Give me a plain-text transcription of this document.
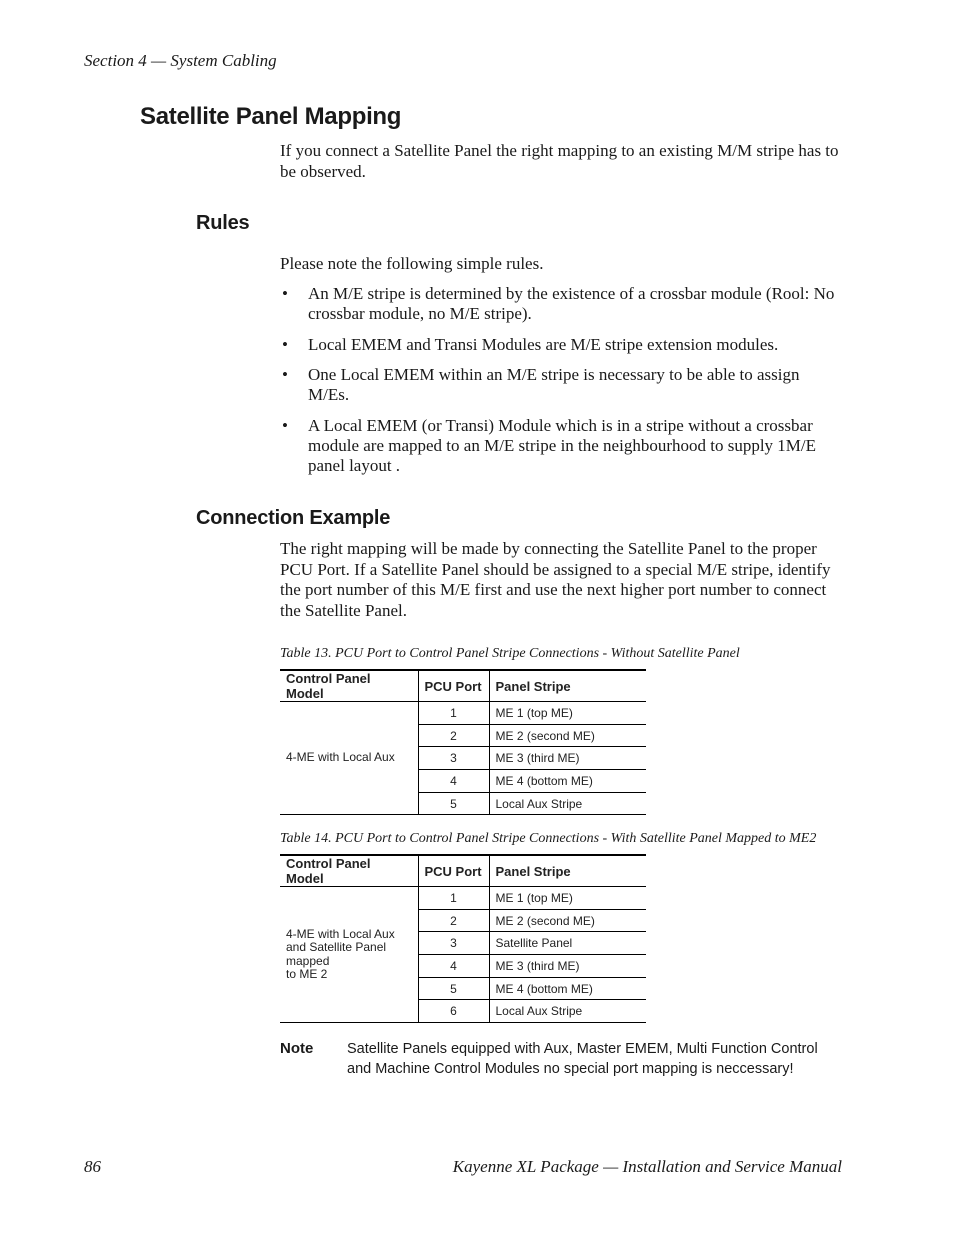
Section 4 — System Cabling
Satellite Panel Mapping
If you connect a Satellite Panel the right mapping to an existing M/M stripe has to be observed.
Rules
Please note the following simple rules.
• An M/E stripe is determined by the existence of a crossbar module (Rool: No crossbar module, no M/E stripe).
• Local EMEM and Transi Modules are M/E stripe extension modules.
• One Local EMEM within an M/E stripe is necessary to be able to assign M/Es.
• A Local EMEM (or Transi) Module which is in a stripe without a crossbar module are mapped to an M/E stripe in the neighbourhood to supply 1M/E panel layout .
Connection Example
The right mapping will be made by connecting the Satellite Panel to the proper PCU Port. If a Satellite Panel should be assigned to a special M/E stripe, identify the port number of this M/E first and use the next higher port number to connect the Satellite Panel.
Table 13. PCU Port to Control Panel Stripe Connections - Without Satellite Panel
Control Panel Model	PCU Port	Panel Stripe
4-ME with Local Aux	1	ME 1 (top ME)
	2	ME 2 (second ME)
	3	ME 3 (third ME)
	4	ME 4 (bottom ME)
	5	Local Aux Stripe
Table 14. PCU Port to Control Panel Stripe Connections - With Satellite Panel Mapped to ME2
Control Panel Model	PCU Port	Panel Stripe

4-ME with Local Aux
and Satellite Panel mapped
to ME 2	1	ME 1 (top ME)
	2	ME 2 (second ME)
	3	Satellite Panel
	4	ME 3 (third ME)
	5	ME 4 (bottom ME)
	6	Local Aux Stripe
Note Satellite Panels equipped with Aux, Master EMEM, Multi Function Control and Machine Control Modules no special port mapping is neccessary!
86	Kayenne XL Package — Installation and Service Manual
